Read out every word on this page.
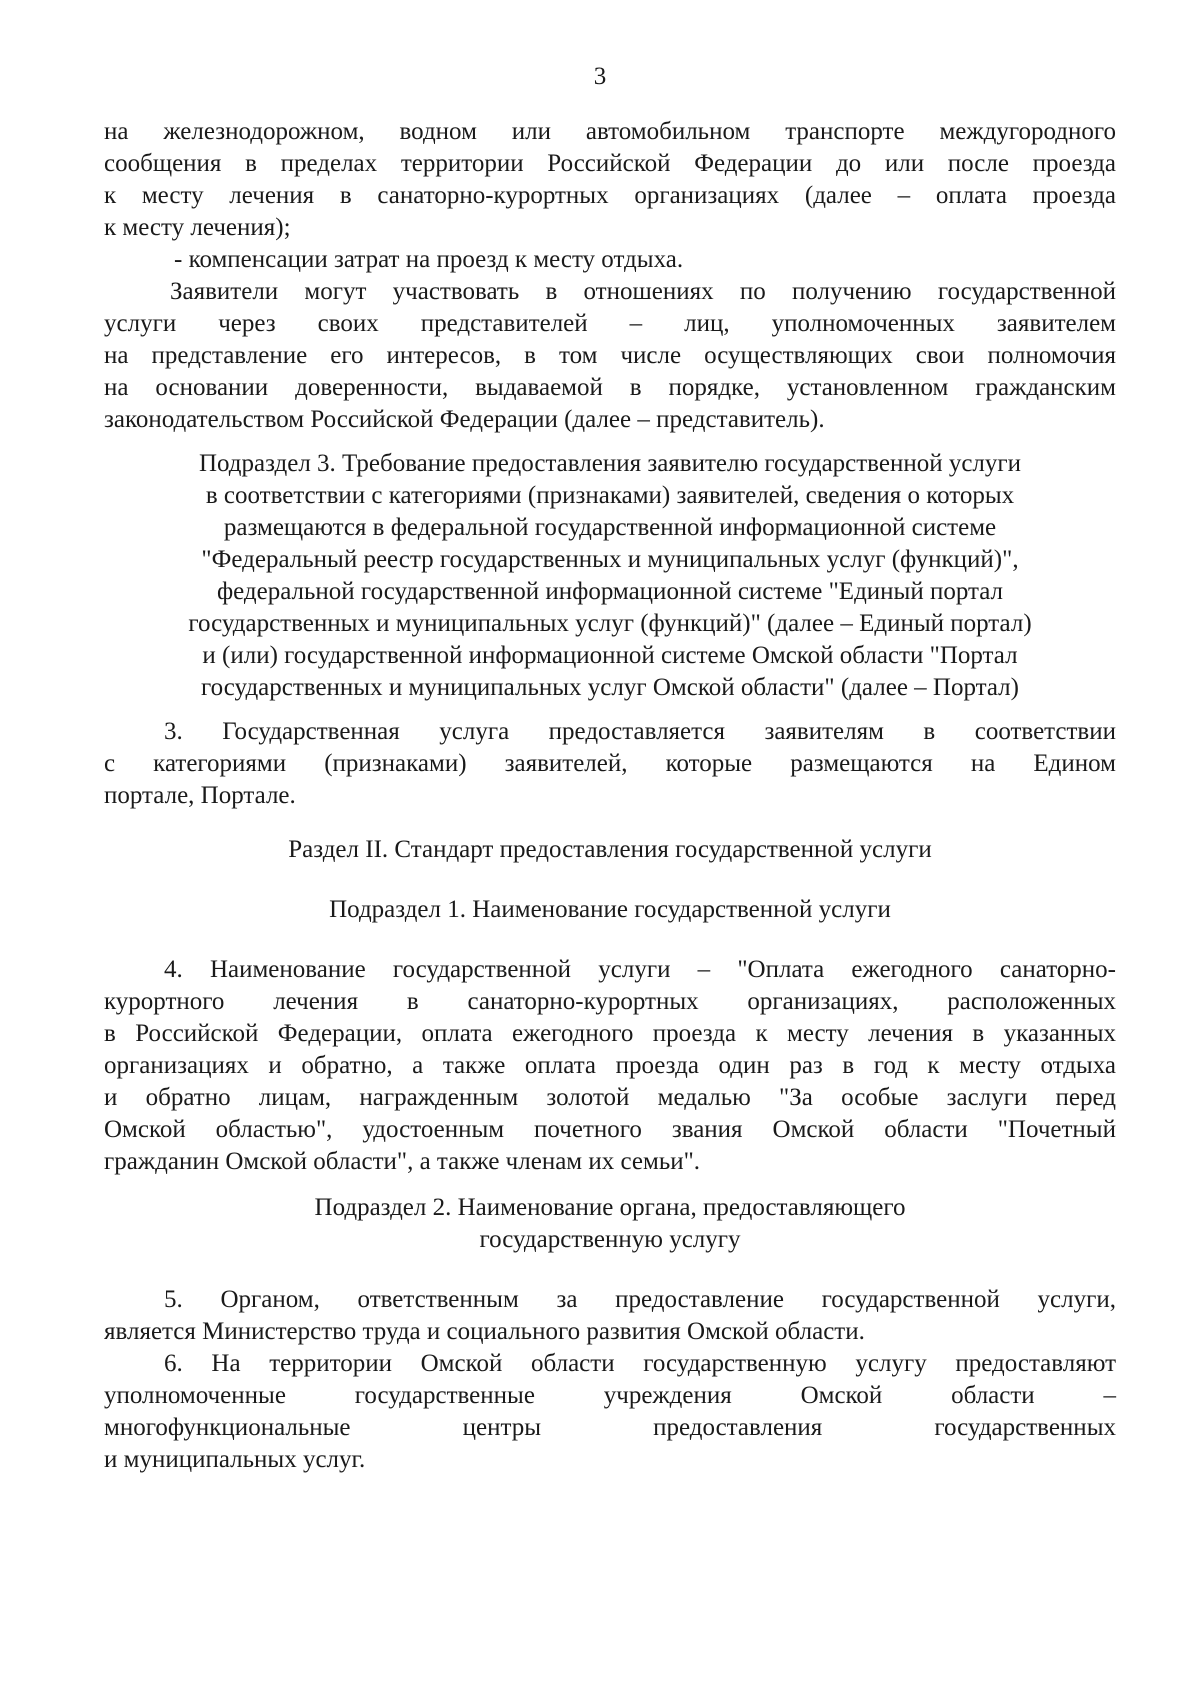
3
на железнодорожном, водном или автомобильном транспорте междугородного
сообщения в пределах территории Российской Федерации до или после проезда
к месту лечения в санаторно-курортных организациях (далее – оплата проезда
к месту лечения);
- компенсации затрат на проезд к месту отдыха.
Заявители могут участвовать в отношениях по получению государственной
услуги через своих представителей – лиц, уполномоченных заявителем
на представление его интересов, в том числе осуществляющих свои полномочия
на основании доверенности, выдаваемой в порядке, установленном гражданским
законодательством Российской Федерации (далее – представитель).
Подраздел 3. Требование предоставления заявителю государственной услуги
в соответствии с категориями (признаками) заявителей, сведения о которых
размещаются в федеральной государственной информационной системе
"Федеральный реестр государственных и муниципальных услуг (функций)",
федеральной государственной информационной системе "Единый портал
государственных и муниципальных услуг (функций)" (далее – Единый портал)
и (или) государственной информационной системе Омской области "Портал
государственных и муниципальных услуг Омской области" (далее – Портал)
3. Государственная услуга предоставляется заявителям в соответствии
с категориями (признаками) заявителей, которые размещаются на Едином
портале, Портале.
Раздел II. Стандарт предоставления государственной услуги
Подраздел 1. Наименование государственной услуги
4. Наименование государственной услуги – "Оплата ежегодного санаторно-
курортного лечения в санаторно-курортных организациях, расположенных
в Российской Федерации, оплата ежегодного проезда к месту лечения в указанных
организациях и обратно, а также оплата проезда один раз в год к месту отдыха
и обратно лицам, награжденным золотой медалью "За особые заслуги перед
Омской областью", удостоенным почетного звания Омской области "Почетный
гражданин Омской области", а также членам их семьи".
Подраздел 2. Наименование органа, предоставляющего
государственную услугу
5. Органом, ответственным за предоставление государственной услуги,
является Министерство труда и социального развития Омской области.
6. На территории Омской области государственную услугу предоставляют
уполномоченные государственные учреждения Омской области –
многофункциональные центры предоставления государственных
и муниципальных услуг.
